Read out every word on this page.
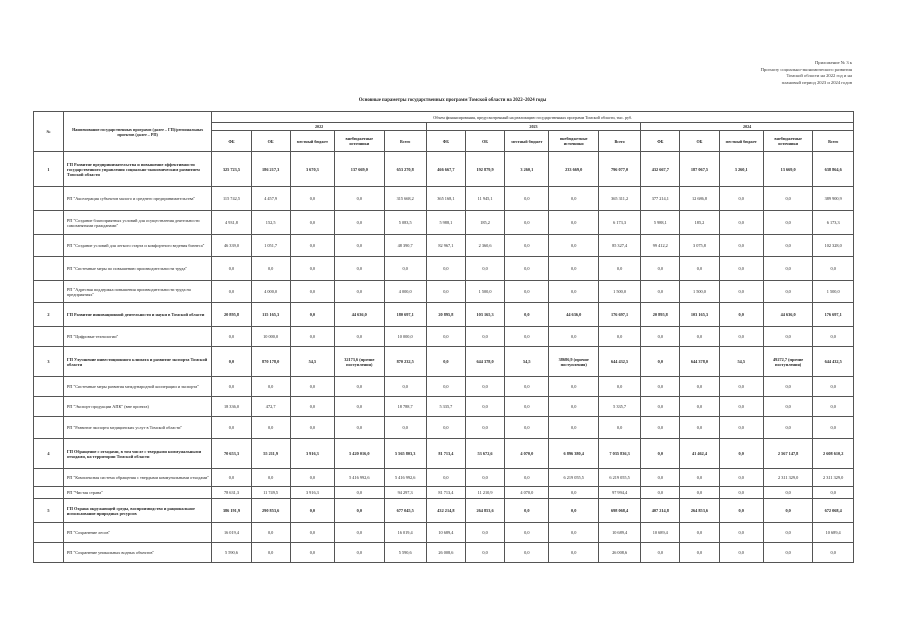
Приложение № 3 к
Прогнозу социально-экономического развития
Томской области на 2022 год и на
плановый период 2023 и 2024 годов
Основные параметры государственных программ Томской области на 2022–2024 годы
№	Наименование государственных программ (далее – ГП)/региональных проектов (далее – РП)	Объем финансирования, предусмотренный на реализацию государственных программ Томской области, тыс. руб.														
		2022					2023					2024				
		ФБ	ОБ	местный бюджет	внебюджетные источники	Всего	ФБ	ОБ	местный бюджет	внебюджетные источники	Всего	ФБ	ОБ	местный бюджет	внебюджетные источники	Всего
1	ГП Развитие предпринимательства и повышение эффективности государственного управления социально-экономическим развитием Томской области	325 723,5	186 217,3	3 670,3	137 669,0	653 270,8	466 667,7	192 879,9	3 260,1	233 669,0	796 077,0	432 667,7	187 067,5	3 260,1	13 669,0	638 864,6
	РП "Акселерация субъектов малого и среднего предпринимательства"	115 742,5	4 457,9	0,0	0,0	315 668,2	365 168,1	11 945,1	0,0	0,0	365 311,2	377 214,1	12 686,8	0,0	0,0	389 900,9
	РП "Создание благоприятных условий для осуществления деятельности самозанятыми гражданами"	4 931,8	152,5	0,0	0,0	5 083,5	5 988,1	185,2	0,0	0,0	6 173,3	5 988,1	185,2	0,0	0,0	6 173,3
	РП "Создание условий для легкого старта и комфортного ведения бизнеса"	46 339,0	1 051,7	0,0	0,0	48 390,7	82 967,1	2 360,6	0,0	0,0	85 327,4	99 412,2	3 075,8	0,0	0,0	102 328,0
	РП "Системные меры по повышению производительности труда"	0,0	0,0	0,0	0,0	0,0	0,0	0,0	0,0	0,0	0,0	0,0	0,0	0,0	0,0	0,0
	РП "Адресная поддержка повышения производительности труда на предприятиях"	0,0	4 000,0	0,0	0,0	4 000,0	0,0	1 500,0	0,0	0,0	1 500,0	0,0	1 500,0	0,0	0,0	1 500,0
2	ГП Развитие инновационной деятельности и науки в Томской области	20 895,8	115 165,3	0,0	44 636,0	180 697,1	20 895,8	103 165,3	0,0	44 636,0	176 697,1	20 895,8	103 165,3	0,0	44 636,0	176 697,1
	РП "Цифровые технологии"	0,0	10 000,0	0,0	0,0	10 000,0	0,0	0,0	0,0	0,0	0,0	0,0	0,0	0,0	0,0	0,0
3	ГП Улучшение инвестиционного климата и развитие экспорта Томской области	0,0	870 178,0	54,5	32173,6 (прочие поступления)	870 232,5	0,0	644 378,0	54,5	38686,9 (прочие поступления)	644 432,5	0,0	644 378,0	54,5	49272,7 (прочие поступления)	644 432,5
	РП "Системные меры развития международной кооперации и экспорта"	0,0	0,0	0,0	0,0	0,0	0,0	0,0	0,0	0,0	0,0	0,0	0,0	0,0	0,0	0,0
	РП "Экспорт продукции АПК" (вне проекта)	18 336,0	472,7	0,0	0,0	18 788,7	5 335,7	0,0	0,0	0,0	5 335,7	0,0	0,0	0,0	0,0	0,0
	РП "Развитие экспорта медицинских услуг в Томской области"	0,0	0,0	0,0	0,0	0,0	0,0	0,0	0,0	0,0	0,0	0,0	0,0	0,0	0,0	0,0
4	ГП Обращение с отходами, в том числе с твердыми коммунальными отходами, на территории Томской области	70 653,3	55 211,9	3 916,3	5 420 016,0	5 565 803,3	81 713,4	53 672,6	4 070,0	6 896 380,4	7 035 836,3	0,0	41 462,4	0,0	2 567 147,8	2 608 610,2
	РП "Комплексная система обращения с твердыми коммунальными отходами"	0,0	0,0	0,0	5 416 992,6	5 416 992,6	0,0	0,0	0,0	6 219 055,5	6 219 055,5	0,0	0,0	0,0	2 311 329,0	2 311 329,0
	РП "Чистая страна"	78 631,3	11 749,5	3 916,3	0,0	94 297,3	81 713,4	11 210,9	4 070,0	0,0	97 994,4	0,0	0,0	0,0	0,0	0,0
5	ГП Охрана окружающей среды, воспроизводство и рациональное использование природных ресурсов	386 191,9	290 853,6	0,0	0,0	677 045,5	432 214,8	264 853,6	0,0	0,0	698 068,4	407 214,8	264 853,6	0,0	0,0	672 068,4
	РП "Сохранение лесов"	16 019,4	0,0	0,0	0,0	16 019,4	10 689,4	0,0	0,0	0,0	10 689,4	10 689,4	0,0	0,0	0,0	10 689,4
	РП "Сохранение уникальных водных объектов"	5 590,6	0,0	0,0	0,0	5 590,6	26 008,6	0,0	0,0	0,0	26 008,6	0,0	0,0	0,0	0,0	0,0
